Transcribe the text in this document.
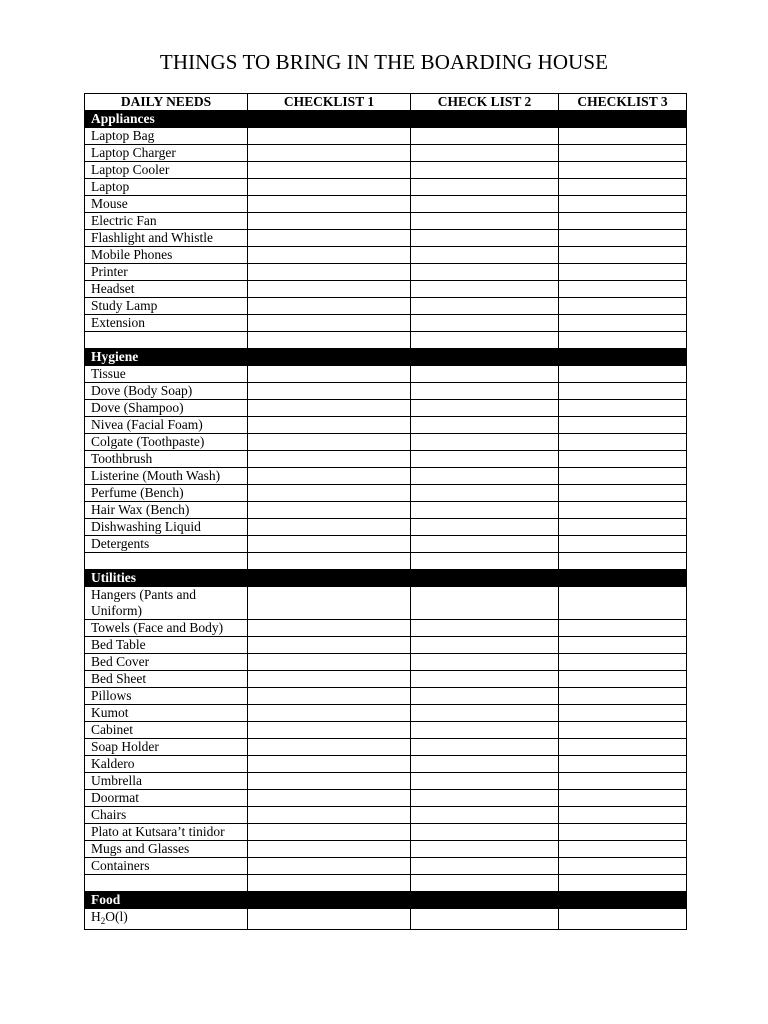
THINGS TO BRING IN THE BOARDING HOUSE
DAILY NEEDS	CHECKLIST 1	CHECK LIST 2	CHECKLIST 3
Appliances			
Laptop Bag			
Laptop Charger			
Laptop Cooler			
Laptop			
Mouse			
Electric Fan			
Flashlight and Whistle			
Mobile Phones			
Printer			
Headset			
Study Lamp			
Extension			

Hygiene			
Tissue			
Dove (Body Soap)			
Dove (Shampoo)			
Nivea (Facial Foam)			
Colgate (Toothpaste)			
Toothbrush			
Listerine (Mouth Wash)			
Perfume (Bench)			
Hair Wax (Bench)			
Dishwashing Liquid			
Detergents			

Utilities			
Hangers (Pants and Uniform)			
Towels (Face and Body)			
Bed Table			
Bed Cover			
Bed Sheet			
Pillows			
Kumot			
Cabinet			
Soap Holder			
Kaldero			
Umbrella			
Doormat			
Chairs			
Plato at Kutsara’t tinidor			
Mugs and Glasses			
Containers			

Food			
$H_2O(l)$			
